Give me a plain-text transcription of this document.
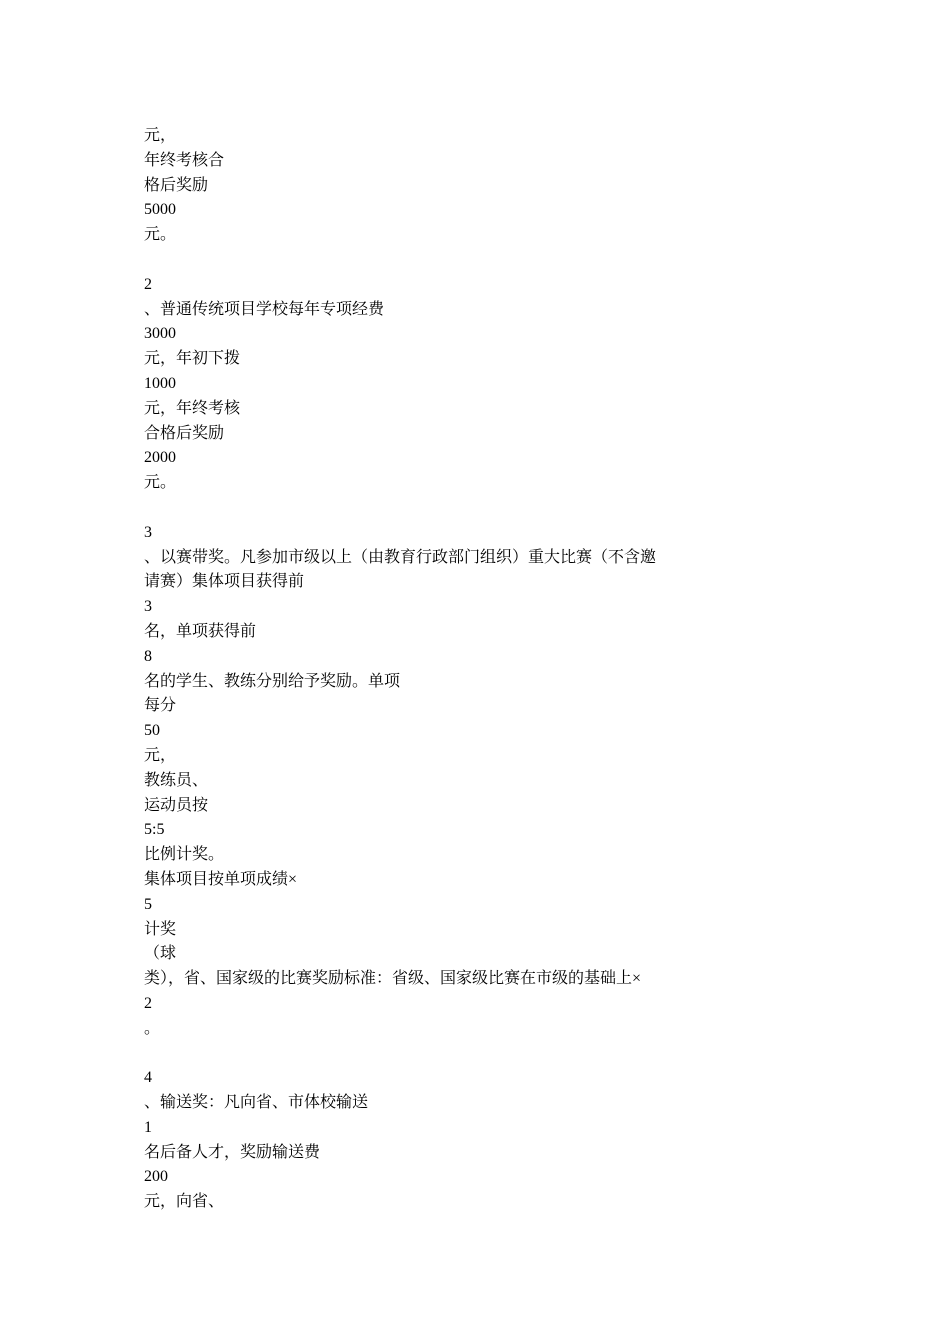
元，
年终考核合
格后奖励
5000
元。
2
、普通传统项目学校每年专项经费
3000
元，年初下拨
1000
元，年终考核
合格后奖励
2000
元。
3
、以赛带奖。凡参加市级以上（由教育行政部门组织）重大比赛（不含邀
请赛）集体项目获得前
3
名，单项获得前
8
名的学生、教练分别给予奖励。单项
每分
50
元，
教练员、
运动员按
5:5
比例计奖。
集体项目按单项成绩×
5
计奖
（球
类），省、国家级的比赛奖励标准：省级、国家级比赛在市级的基础上×
2
。
4
、输送奖：凡向省、市体校输送
1
名后备人才，奖励输送费
200
元，向省、
